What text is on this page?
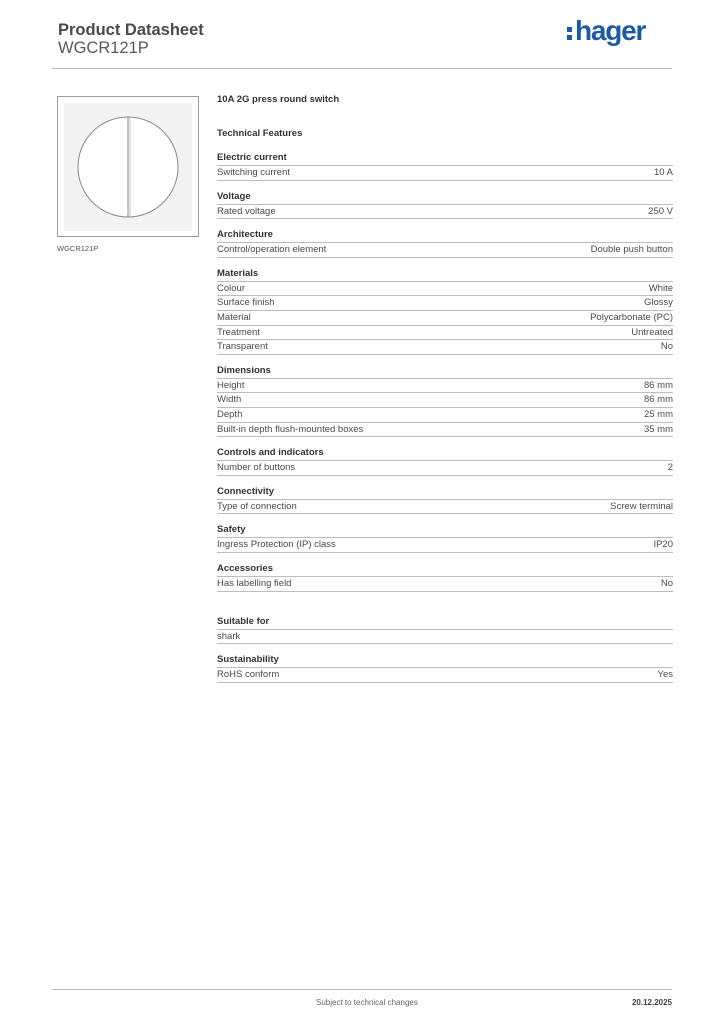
Product Datasheet
WGCR121P
hager
WGCR121P
10A 2G press round switch
Technical Features
Electric current
Switching current	10 A
Voltage
Rated voltage	250 V
Architecture
Control/operation element	Double push button
Materials
Colour	White
Surface finish	Glossy
Material	Polycarbonate (PC)
Treatment	Untreated
Transparent	No
Dimensions
Height	86 mm
Width	86 mm
Depth	25 mm
Built-in depth flush-mounted boxes	35 mm
Controls and indicators
Number of buttons	2
Connectivity
Type of connection	Screw terminal
Safety
Ingress Protection (IP) class	IP20
Accessories
Has labelling field	No
Suitable for
shark
Sustainability
RoHS conform	Yes
Subject to technical changes	20.12.2025
